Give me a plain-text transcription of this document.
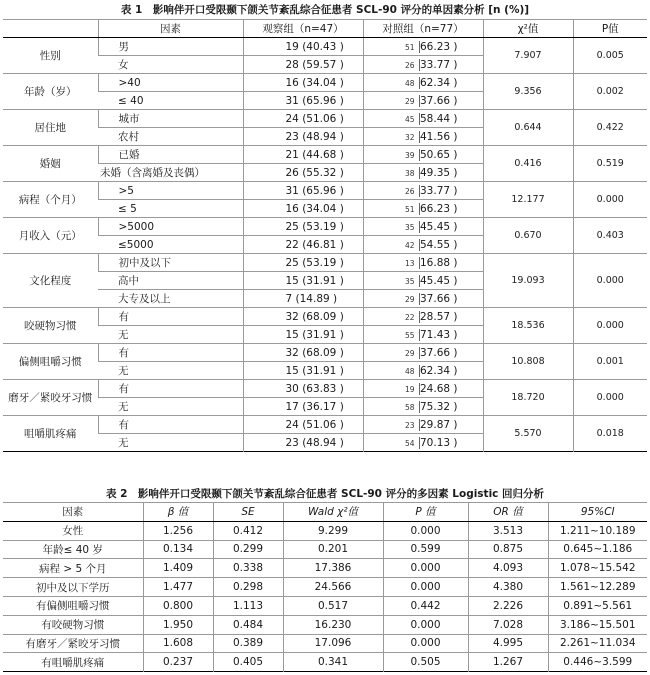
表 1　影响伴开口受限颞下颌关节紊乱综合征患者 SCL-90 评分的单因素分析 [n (%)]
	因素	观察组（n=47）	对照组（n=77）	χ²值	P值
性别	男	19 (40.43 )	51 66.23 )	7.907	0.005
	女	28 (59.57 )	26 33.77 )		
年龄（岁）	>40	16 (34.04 )	48 62.34 )	9.356	0.002
	≤ 40	31 (65.96 )	29 37.66 )		
居住地	城市	24 (51.06 )	45 58.44 )	0.644	0.422
	农村	23 (48.94 )	32 41.56 )		
婚姻	已婚	21 (44.68 )	39 50.65 )	0.416	0.519
	未婚（含离婚及丧偶）	26 (55.32 )	38 49.35 )		
病程（个月）	>5	31 (65.96 )	26 33.77 )	12.177	0.000
	≤ 5	16 (34.04 )	51 66.23 )		
月收入（元）	>5000	25 (53.19 )	35 45.45 )	0.670	0.403
	≤5000	22 (46.81 )	42 54.55 )		
文化程度	初中及以下	25 (53.19 )	13 16.88 )	19.093	0.000
	高中	15 (31.91 )	35 45.45 )		
	大专及以上	7 (14.89 )	29 37.66 )		
咬硬物习惯	有	32 (68.09 )	22 28.57 )	18.536	0.000
	无	15 (31.91 )	55 71.43 )		
偏侧咀嚼习惯	有	32 (68.09 )	29 37.66 )	10.808	0.001
	无	15 (31.91 )	48 62.34 )		
磨牙／紧咬牙习惯	有	30 (63.83 )	19 24.68 )	18.720	0.000
	无	17 (36.17 )	58 75.32 )		
咀嚼肌疼痛	有	24 (51.06 )	23 29.87 )	5.570	0.018
	无	23 (48.94 )	54 70.13 )		
表 2　影响伴开口受限颞下颌关节紊乱综合征患者 SCL-90 评分的多因素 Logistic 回归分析
因素	β 值	SE	Wald χ²值	P 值	OR 值	95%CI
女性	1.256	0.412	9.299	0.000	3.513	1.211~10.189
年龄≤ 40 岁	0.134	0.299	0.201	0.599	0.875	0.645~1.186
病程 > 5 个月	1.409	0.338	17.386	0.000	4.093	1.078~15.542
初中及以下学历	1.477	0.298	24.566	0.000	4.380	1.561~12.289
有偏侧咀嚼习惯	0.800	1.113	0.517	0.442	2.226	0.891~5.561
有咬硬物习惯	1.950	0.484	16.230	0.000	7.028	3.186~15.501
有磨牙／紧咬牙习惯	1.608	0.389	17.096	0.000	4.995	2.261~11.034
有咀嚼肌疼痛	0.237	0.405	0.341	0.505	1.267	0.446~3.599
